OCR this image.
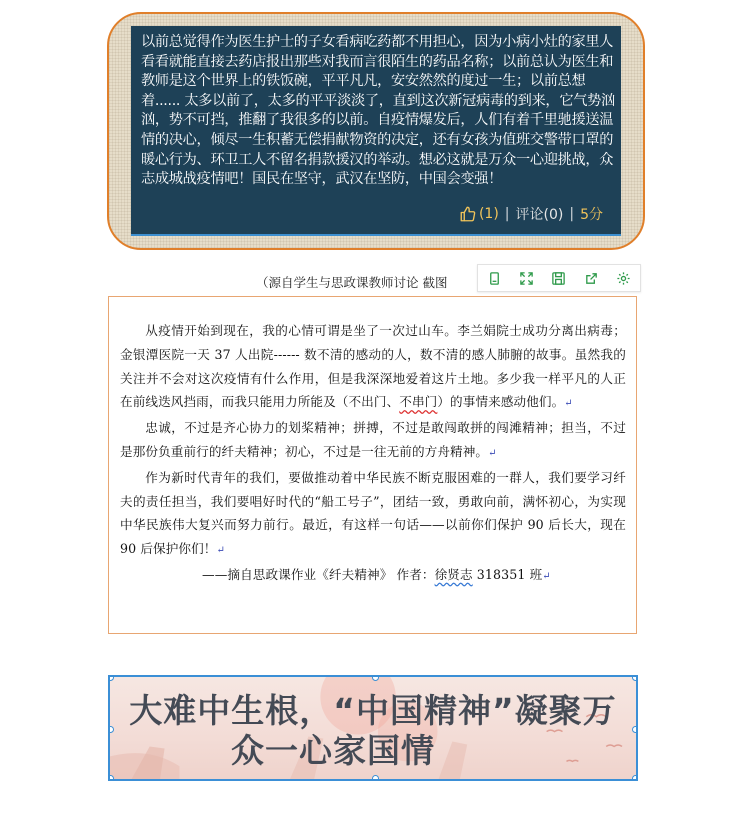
以前总觉得作为医生护士的子女看病吃药都不用担心，因为小病小灶的家里人看看就能直接去药店报出那些对我而言很陌生的药品名称；以前总认为医生和教师是这个世界上的铁饭碗，平平凡凡，安安然然的度过一生；以前总想着...... 太多以前了，太多的平平淡淡了，直到这次新冠病毒的到来，它气势汹汹，势不可挡，推翻了我很多的以前。自疫情爆发后，人们有着千里驰援送温情的决心，倾尽一生积蓄无偿捐献物资的决定，还有女孩为值班交警带口罩的暖心行为、环卫工人不留名捐款援汉的举动。想必这就是万众一心迎挑战，众志成城战疫情吧！国民在坚守，武汉在坚防，中国会变强！

(1) | 评论(0) | 5分
（源自学生与思政课教师讨论 截图

从疫情开始到现在，我的心情可谓是坐了一次过山车。李兰娟院士成功分离出病毒；金银潭医院一天 37 人出院------ 数不清的感动的人，数不清的感人肺腑的故事。虽然我的关注并不会对这次疫情有什么作用，但是我深深地爱着这片土地。多少我一样平凡的人正在前线迭风挡雨，而我只能用力所能及（不出门、不串门）的事情来感动他们。↵

忠诚，不过是齐心协力的划桨精神；拼搏，不过是敢闯敢拼的闯滩精神；担当，不过是那份负重前行的纤夫精神；初心，不过是一往无前的方舟精神。↵

作为新时代青年的我们，要做推动着中华民族不断克服困难的一群人，我们要学习纤夫的责任担当，我们要唱好时代的“船工号子”，团结一致，勇敢向前，满怀初心，为实现中华民族伟大复兴而努力前行。最近，有这样一句话——以前你们保护 90 后长大，现在 90 后保护你们！↵

——摘自思政课作业《纤夫精神》 作者：徐贤志 318351 班↵

大难中生根，“中国精神”凝聚万
众一心家国情
